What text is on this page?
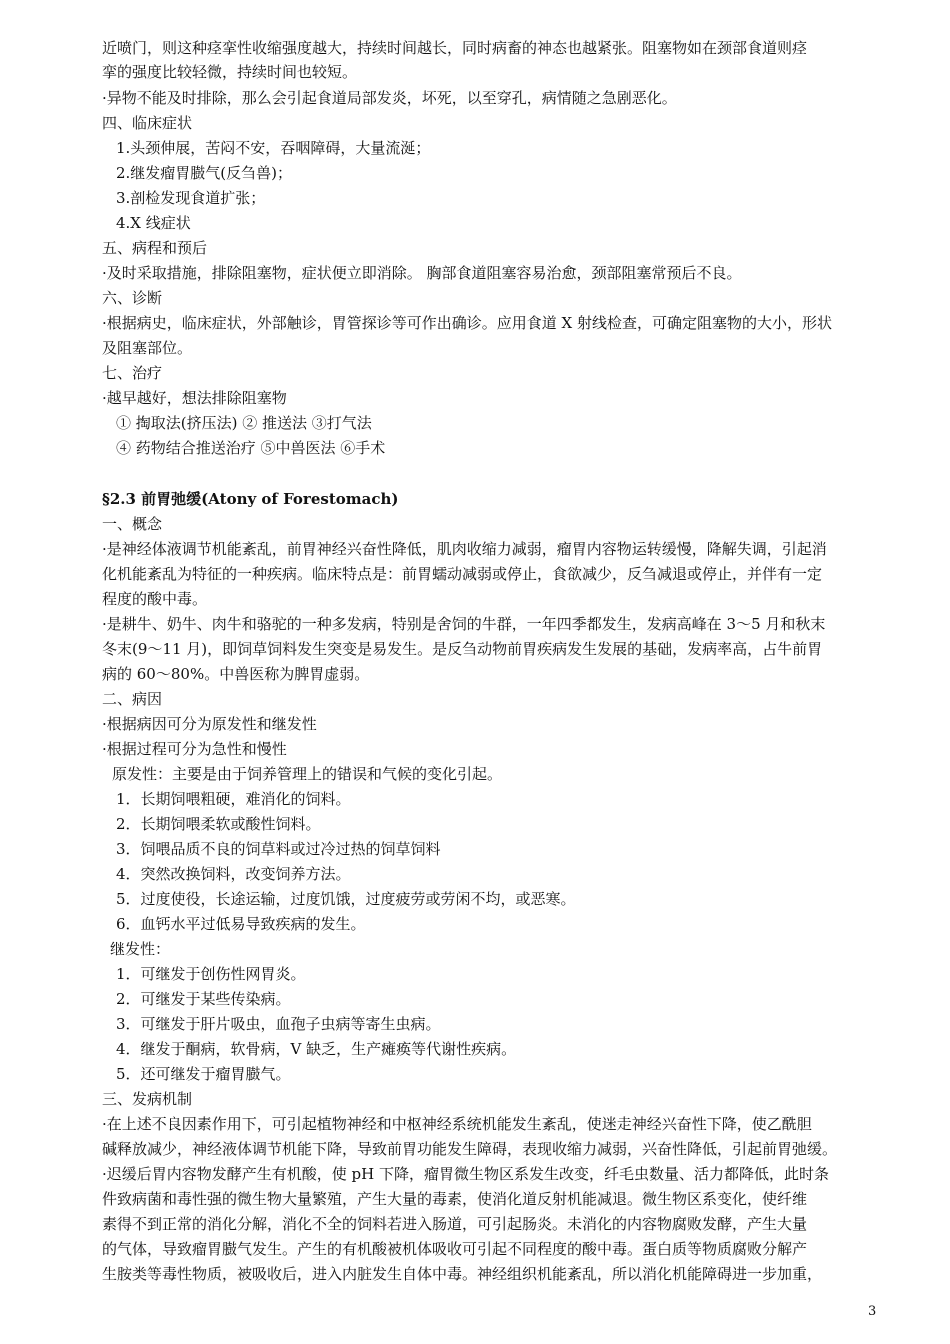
近喷门，则这种痉挛性收缩强度越大，持续时间越长，同时病畜的神态也越紧张。阻塞物如在颈部食道则痉
挛的强度比较轻微，持续时间也较短。
·异物不能及时排除，那么会引起食道局部发炎，坏死，以至穿孔，病情随之急剧恶化。
四、临床症状
1.头颈伸展，苦闷不安，吞咽障碍，大量流涎；
2.继发瘤胃臌气(反刍兽)；
3.剖检发现食道扩张；
4.X 线症状
五、病程和预后
·及时采取措施，排除阻塞物，症状便立即消除。 胸部食道阻塞容易治愈，颈部阻塞常预后不良。
六、诊断
·根据病史，临床症状，外部触诊，胃管探诊等可作出确诊。应用食道 X 射线检查，可确定阻塞物的大小，形状
及阻塞部位。
七、治疗
·越早越好，想法排除阻塞物
① 掏取法(挤压法) ② 推送法 ③打气法
④ 药物结合推送治疗 ⑤中兽医法 ⑥手术
§2.3 前胃弛缓(Atony of Forestomach)
一、概念
·是神经体液调节机能紊乱，前胃神经兴奋性降低，肌肉收缩力减弱，瘤胃内容物运转缓慢，降解失调，引起消
化机能紊乱为特征的一种疾病。临床特点是：前胃蠕动减弱或停止，食欲减少，反刍减退或停止，并伴有一定
程度的酸中毒。
·是耕牛、奶牛、肉牛和骆驼的一种多发病，特别是舍饲的牛群，一年四季都发生，发病高峰在 3～5 月和秋末
冬末(9～11 月)，即饲草饲料发生突变是易发生。是反刍动物前胃疾病发生发展的基础，发病率高，占牛前胃
病的 60～80%。中兽医称为脾胃虚弱。
二、病因
·根据病因可分为原发性和继发性
·根据过程可分为急性和慢性
原发性：主要是由于饲养管理上的错误和气候的变化引起。
1．长期饲喂粗硬，难消化的饲料。
2．长期饲喂柔软或酸性饲料。
3．饲喂品质不良的饲草料或过冷过热的饲草饲料
4．突然改换饲料，改变饲养方法。
5．过度使役，长途运输，过度饥饿，过度疲劳或劳闲不均，或恶寒。
6．血钙水平过低易导致疾病的发生。
继发性：
1．可继发于创伤性网胃炎。
2．可继发于某些传染病。
3．可继发于肝片吸虫，血孢子虫病等寄生虫病。
4．继发于酮病，软骨病，V 缺乏，生产瘫痪等代谢性疾病。
5．还可继发于瘤胃臌气。
三、发病机制
·在上述不良因素作用下，可引起植物神经和中枢神经系统机能发生紊乱，使迷走神经兴奋性下降，使乙酰胆
碱释放减少，神经液体调节机能下降，导致前胃功能发生障碍，表现收缩力减弱，兴奋性降低，引起前胃弛缓。
·迟缓后胃内容物发酵产生有机酸，使 pH 下降，瘤胃微生物区系发生改变，纤毛虫数量、活力都降低，此时条
件致病菌和毒性强的微生物大量繁殖，产生大量的毒素，使消化道反射机能减退。微生物区系变化，使纤维
素得不到正常的消化分解，消化不全的饲料若进入肠道，可引起肠炎。未消化的内容物腐败发酵，产生大量
的气体，导致瘤胃臌气发生。产生的有机酸被机体吸收可引起不同程度的酸中毒。蛋白质等物质腐败分解产
生胺类等毒性物质，被吸收后，进入内脏发生自体中毒。神经组织机能紊乱，所以消化机能障碍进一步加重，
3
